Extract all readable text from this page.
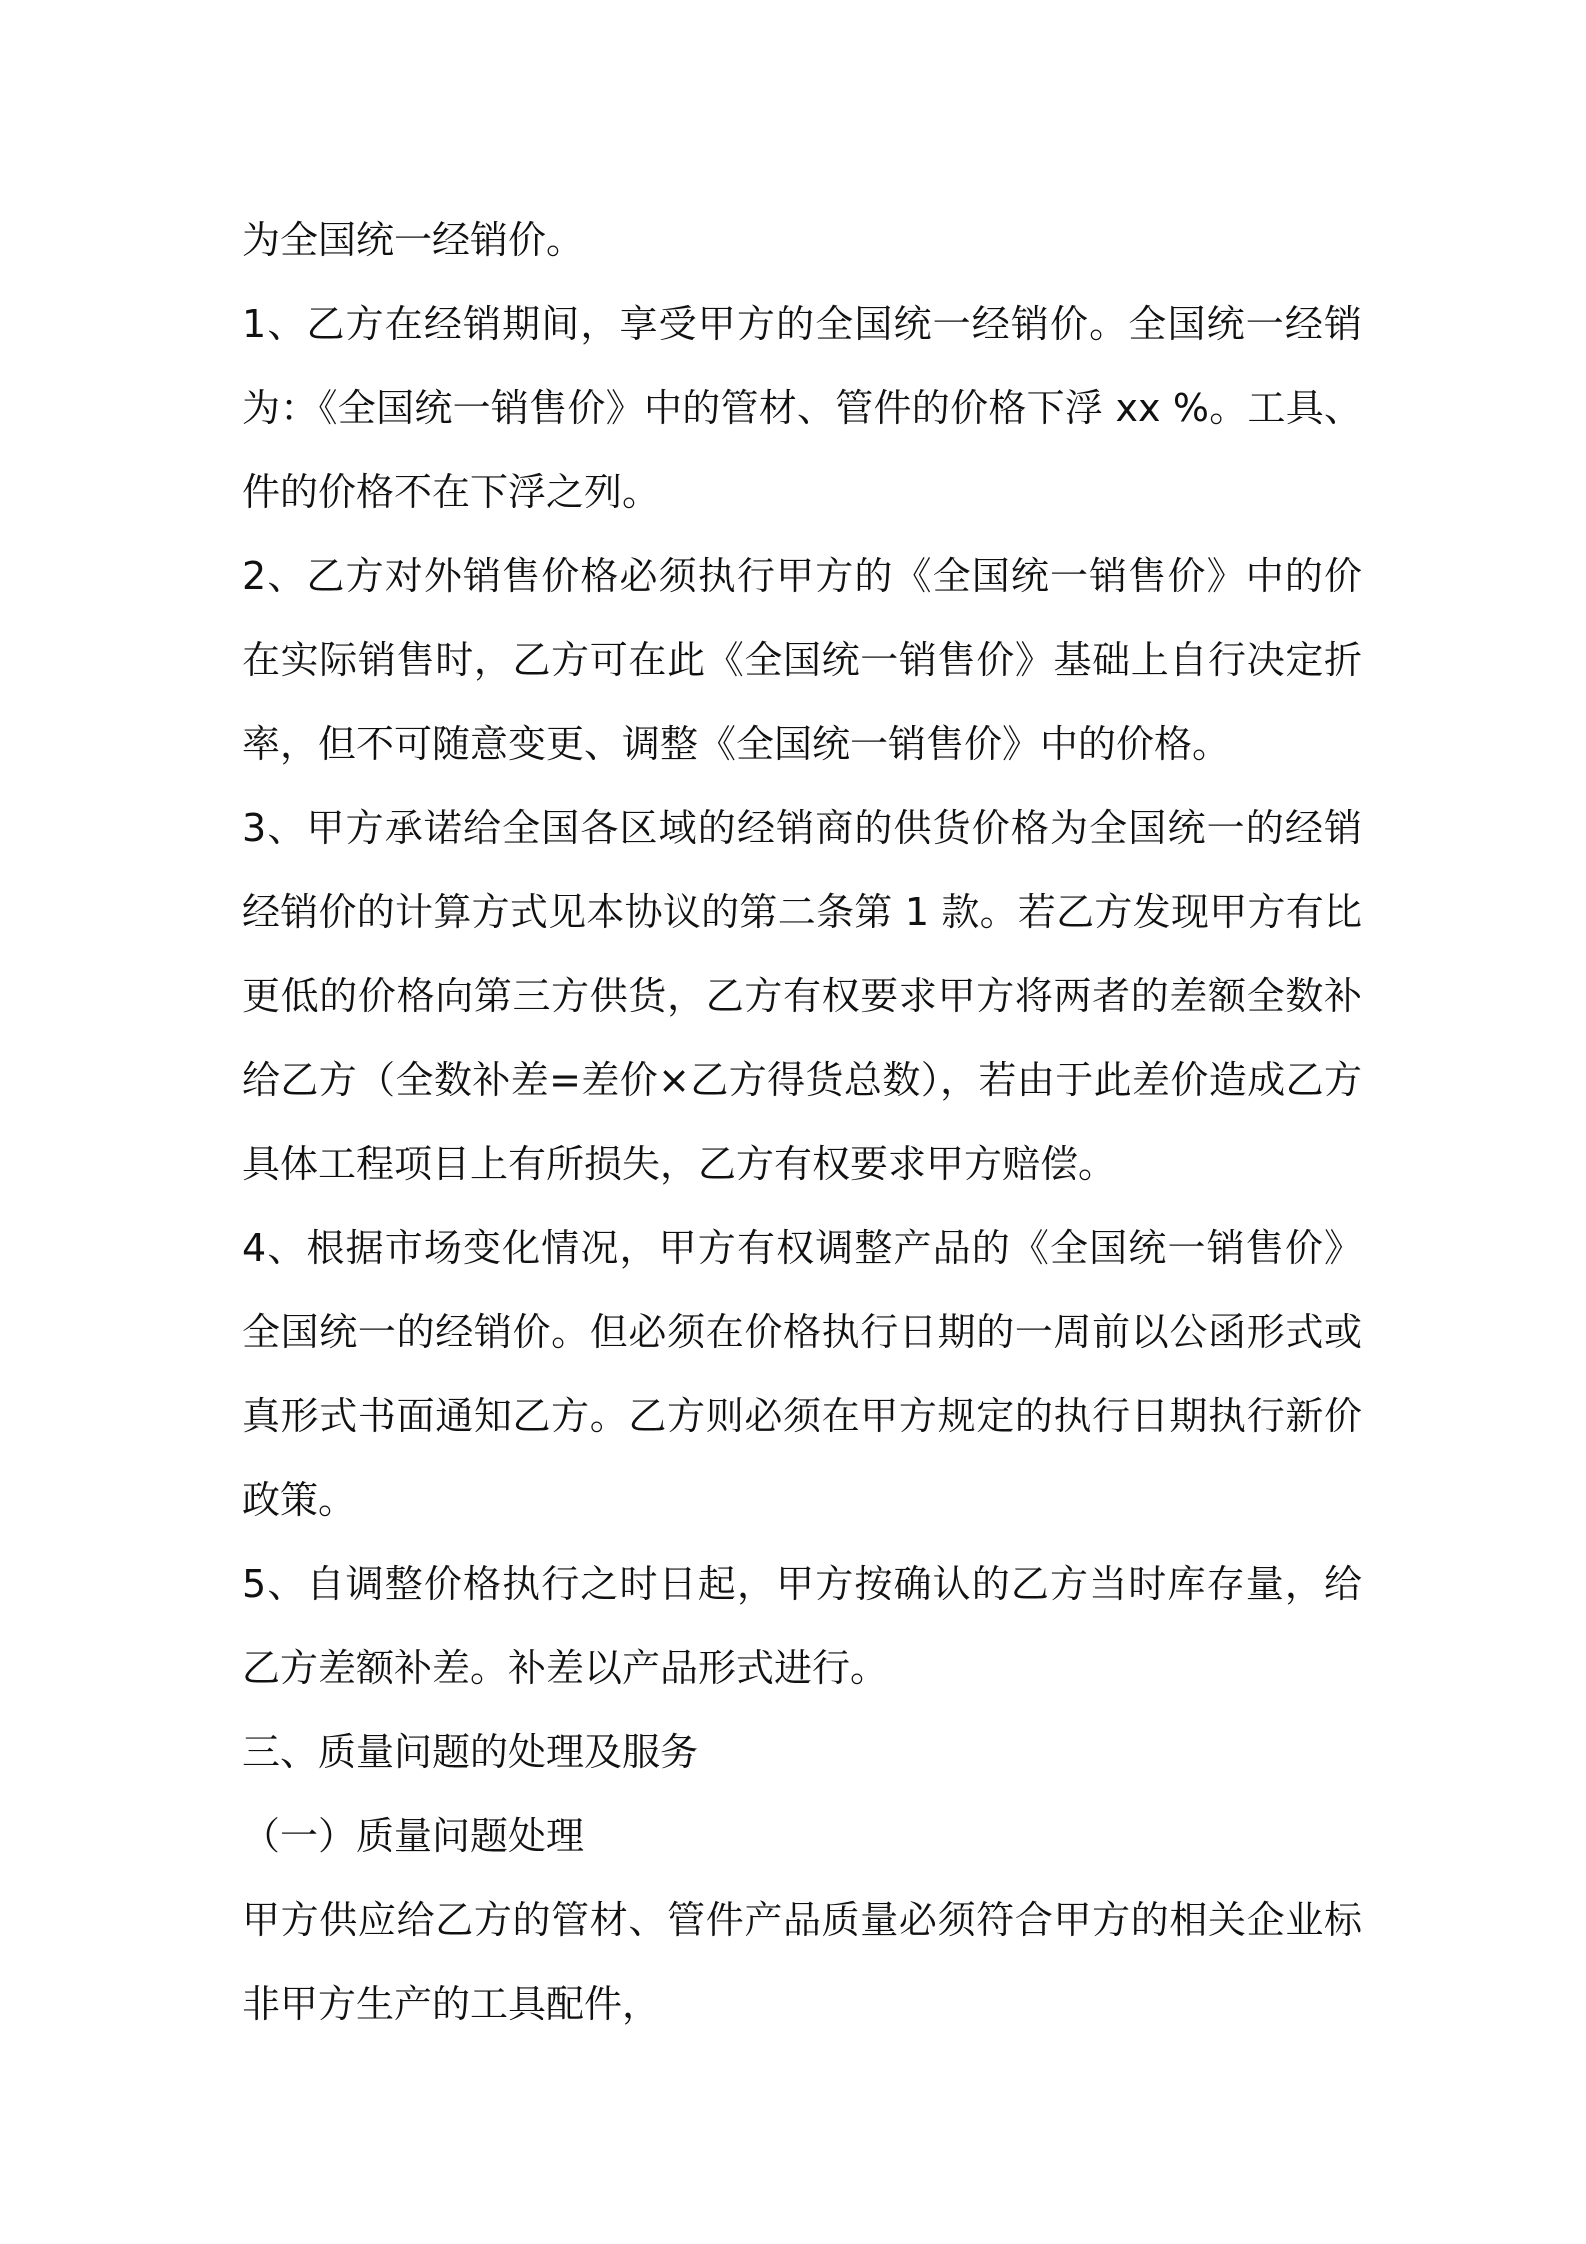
为全国统一经销价。
1、乙方在经销期间，享受甲方的全国统一经销价。全国统一经销
为：《全国统一销售价》中的管材、管件的价格下浮 xx %。工具、
件的价格不在下浮之列。
2、乙方对外销售价格必须执行甲方的《全国统一销售价》中的价
在实际销售时，乙方可在此《全国统一销售价》基础上自行决定折
率，但不可随意变更、调整《全国统一销售价》中的价格。
3、甲方承诺给全国各区域的经销商的供货价格为全国统一的经销
经销价的计算方式见本协议的第二条第 1 款。若乙方发现甲方有比
更低的价格向第三方供货，乙方有权要求甲方将两者的差额全数补
给乙方（全数补差=差价×乙方得货总数），若由于此差价造成乙方
具体工程项目上有所损失，乙方有权要求甲方赔偿。
4、根据市场变化情况，甲方有权调整产品的《全国统一销售价》
全国统一的经销价。但必须在价格执行日期的一周前以公函形式或
真形式书面通知乙方。乙方则必须在甲方规定的执行日期执行新价
政策。
5、自调整价格执行之时日起，甲方按确认的乙方当时库存量，给
乙方差额补差。补差以产品形式进行。
三、质量问题的处理及服务
（一）质量问题处理
甲方供应给乙方的管材、管件产品质量必须符合甲方的相关企业标
非甲方生产的工具配件，
